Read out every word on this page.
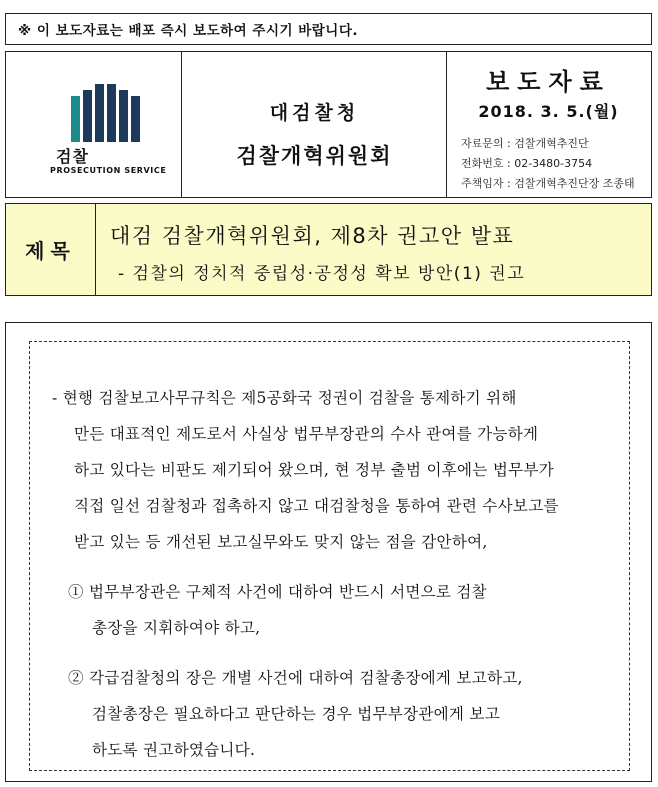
※ 이 보도자료는 배포 즉시 보도하여 주시기 바랍니다.
검찰
PROSECUTION SERVICE
대검찰청
검찰개혁위원회
보도자료
2018. 3. 5.(월)
자료문의 : 검찰개혁추진단
전화번호 : 02-3480-3754
주책임자 : 검찰개혁추진단장 조종태
제목
대검 검찰개혁위원회, 제8차 권고안 발표
- 검찰의 정치적 중립성·공정성 확보 방안(1) 권고
- 현행 검찰보고사무규칙은 제5공화국 정권이 검찰을 통제하기 위해
만든 대표적인 제도로서 사실상 법무부장관의 수사 관여를 가능하게
하고 있다는 비판도 제기되어 왔으며, 현 정부 출범 이후에는 법무부가
직접 일선 검찰청과 접촉하지 않고 대검찰청을 통하여 관련 수사보고를
받고 있는 등 개선된 보고실무와도 맞지 않는 점을 감안하여,
① 법무부장관은 구체적 사건에 대하여 반드시 서면으로 검찰
총장을 지휘하여야 하고,
② 각급검찰청의 장은 개별 사건에 대하여 검찰총장에게 보고하고,
검찰총장은 필요하다고 판단하는 경우 법무부장관에게 보고
하도록 권고하였습니다.
